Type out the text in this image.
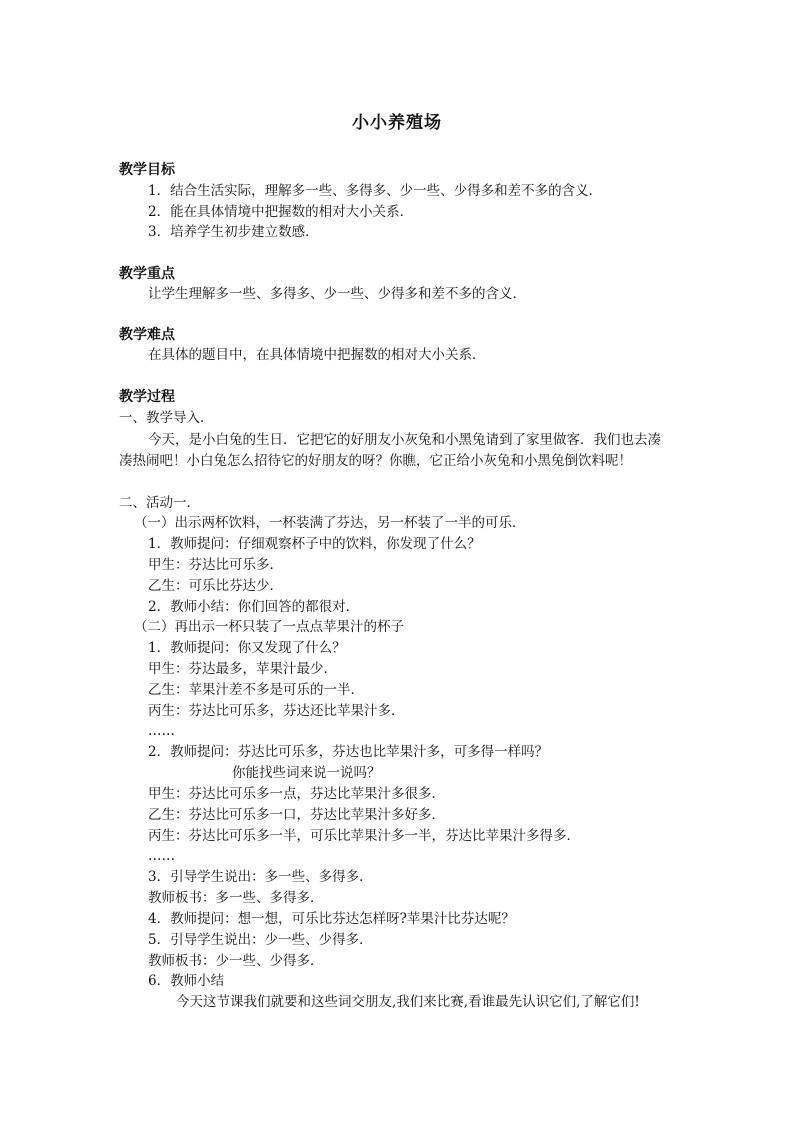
小小养殖场
教学目标
1．结合生活实际，理解多一些、多得多、少一些、少得多和差不多的含义．
2．能在具体情境中把握数的相对大小关系．
3．培养学生初步建立数感．
教学重点
让学生理解多一些、多得多、少一些、少得多和差不多的含义．
教学难点
在具体的题目中，在具体情境中把握数的相对大小关系．
教学过程
一、教学导入．
今天，是小白兔的生日．它把它的好朋友小灰兔和小黑兔请到了家里做客．我们也去凑
凑热闹吧！小白兔怎么招待它的好朋友的呀？你瞧，它正给小灰兔和小黑兔倒饮料呢！
二、活动一．
（一）出示两杯饮料，一杯装满了芬达，另一杯装了一半的可乐．
1．教师提问：仔细观察杯子中的饮料，你发现了什么？
甲生：芬达比可乐多．
乙生：可乐比芬达少．
2．教师小结：你们回答的都很对．
（二）再出示一杯只装了一点点苹果汁的杯子
1．教师提问：你又发现了什么？
甲生：芬达最多，苹果汁最少．
乙生：苹果汁差不多是可乐的一半．
丙生：芬达比可乐多，芬达还比苹果汁多．
……
2．教师提问：芬达比可乐多，芬达也比苹果汁多，可多得一样吗？
你能找些词来说一说吗？
甲生：芬达比可乐多一点，芬达比苹果汁多很多．
乙生：芬达比可乐多一口，芬达比苹果汁多好多．
丙生：芬达比可乐多一半，可乐比苹果汁多一半，芬达比苹果汁多得多．
……
3．引导学生说出：多一些、多得多．
教师板书：多一些、多得多．
4．教师提问：想一想，可乐比芬达怎样呀?苹果汁比芬达呢？
5．引导学生说出：少一些、少得多．
教师板书：少一些、少得多．
6．教师小结
今天这节课我们就要和这些词交朋友,我们来比赛,看谁最先认识它们,了解它们!
